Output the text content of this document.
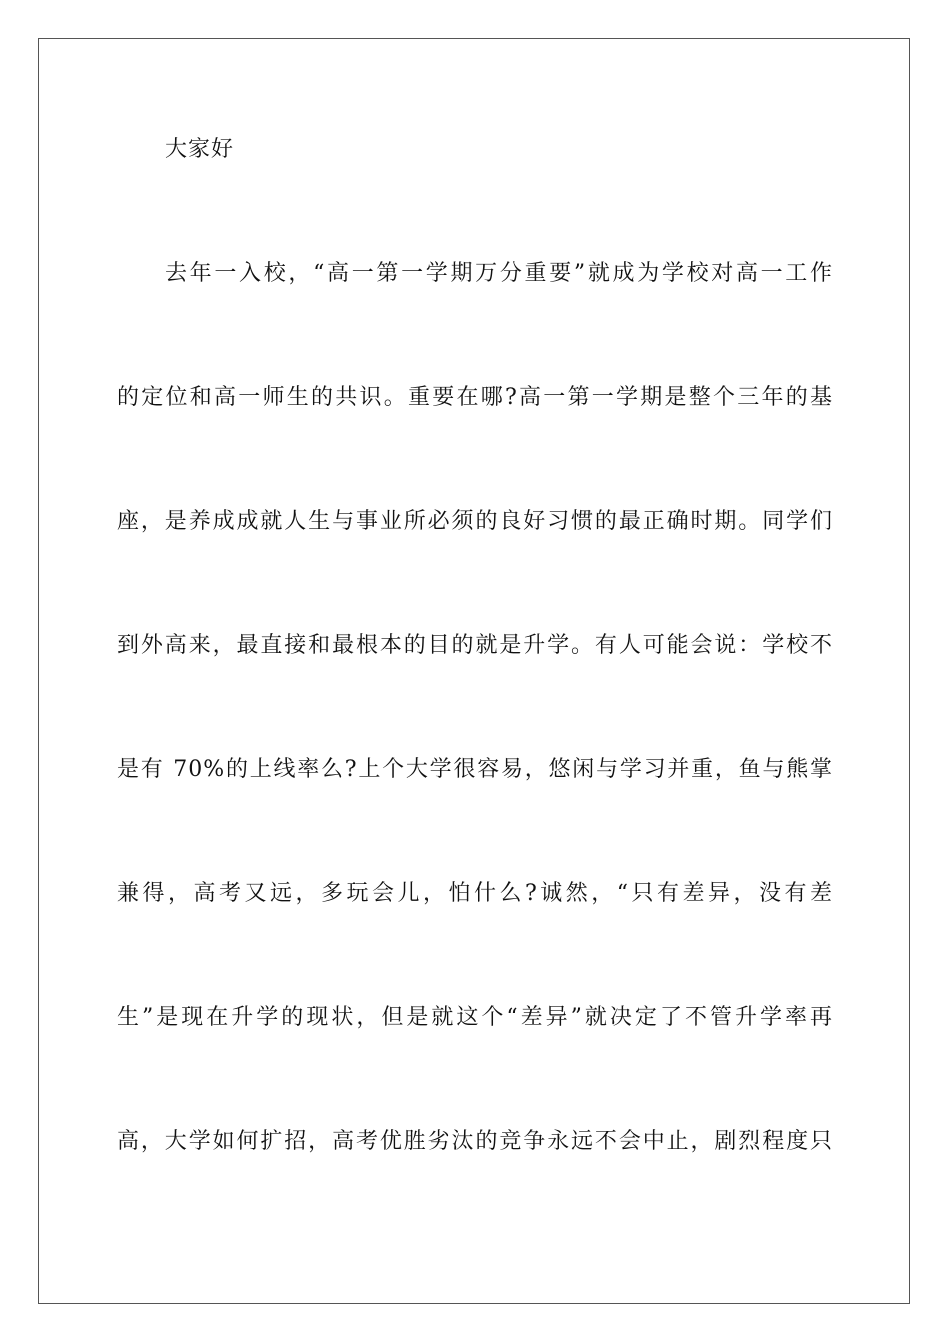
大家好
去年一入校，“高一第一学期万分重要”就成为学校对高一工作
的定位和高一师生的共识。重要在哪?高一第一学期是整个三年的基
座，是养成成就人生与事业所必须的良好习惯的最正确时期。同学们
到外高来，最直接和最根本的目的就是升学。有人可能会说：学校不
是有 70%的上线率么?上个大学很容易，悠闲与学习并重，鱼与熊掌
兼得，高考又远，多玩会儿，怕什么?诚然，“只有差异，没有差
生”是现在升学的现状，但是就这个“差异”就决定了不管升学率再
高，大学如何扩招，高考优胜劣汰的竞争永远不会中止，剧烈程度只
